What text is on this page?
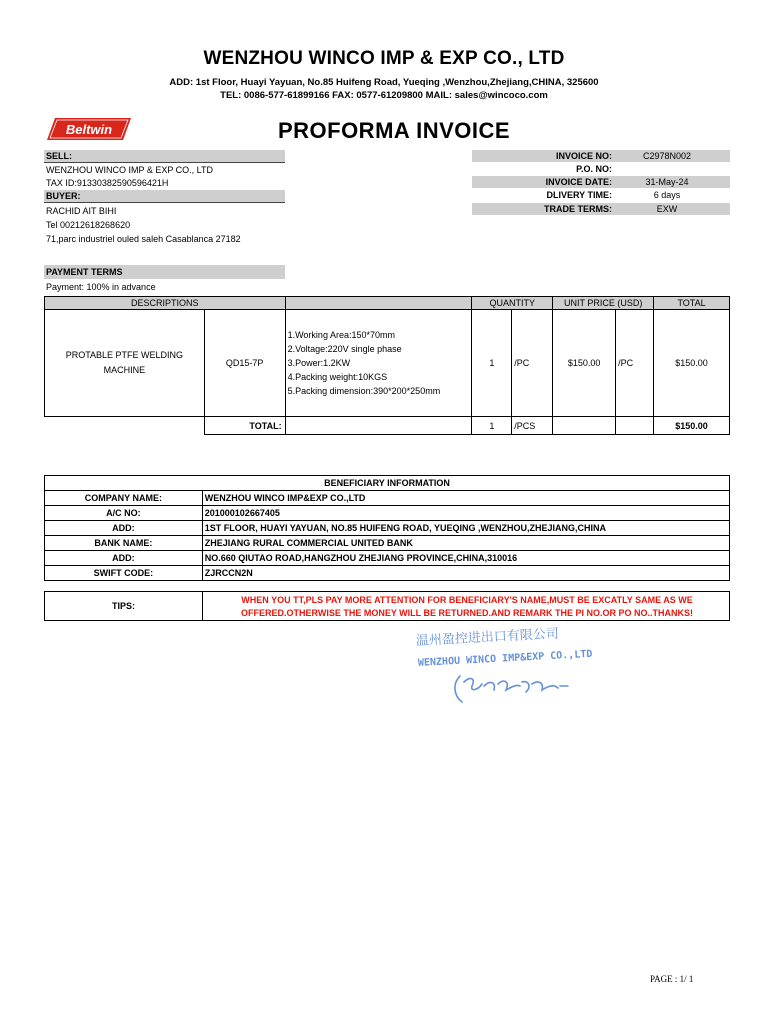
WENZHOU WINCO IMP & EXP CO., LTD
ADD: 1st Floor, Huayi Yayuan, No.85 Huifeng Road, Yueqing ,Wenzhou,Zhejiang,CHINA, 325600
TEL: 0086-577-61899166 FAX: 0577-61209800 MAIL: sales@wincoco.com
Beltwin	PROFORMA INVOICE
SELL:
WENZHOU WINCO IMP & EXP CO., LTD
TAX ID:91330382590596421H
BUYER:
RACHID AIT BIHI
Tel 00212618268620
71,parc industriel ouled saleh Casablanca 27182
INVOICE NO:	C2978N002
P.O. NO:
INVOICE DATE:	31-May-24
DLIVERY TIME:	6 days
TRADE TERMS:	EXW
PAYMENT TERMS
Payment: 100% in advance
DESCRIPTIONS			QUANTITY		UNIT PRICE (USD)		TOTAL
PROTABLE PTFE WELDING MACHINE	QD15-7P	1.Working Area:150*70mm
2.Voltage:220V single phase
3.Power:1.2KW
4.Packing weight:10KGS
5.Packing dimension:390*200*250mm	1	/PC	$150.00	/PC	$150.00
	TOTAL:		1	/PCS			$150.00
BENEFICIARY INFORMATION	
COMPANY NAME:	WENZHOU WINCO IMP&EXP CO.,LTD
A/C NO:	201000102667405
ADD:	1ST FLOOR, HUAYI YAYUAN, NO.85 HUIFENG ROAD, YUEQING ,WENZHOU,ZHEJIANG,CHINA
BANK NAME:	ZHEJIANG RURAL COMMERCIAL UNITED BANK
ADD:	NO.660 QIUTAO ROAD,HANGZHOU ZHEJIANG PROVINCE,CHINA,310016
SWIFT CODE:	ZJRCCN2N
TIPS:
WHEN YOU TT,PLS PAY MORE ATTENTION FOR BENEFICIARY'S NAME,MUST BE EXCATLY SAME AS WE
OFFERED.OTHERWISE THE MONEY WILL BE RETURNED.AND REMARK THE PI NO.OR PO NO..THANKS!
温州盈控进出口有限公司
WENZHOU WINCO IMP&EXP CO.,LTD
PAGE : 1/ 1
